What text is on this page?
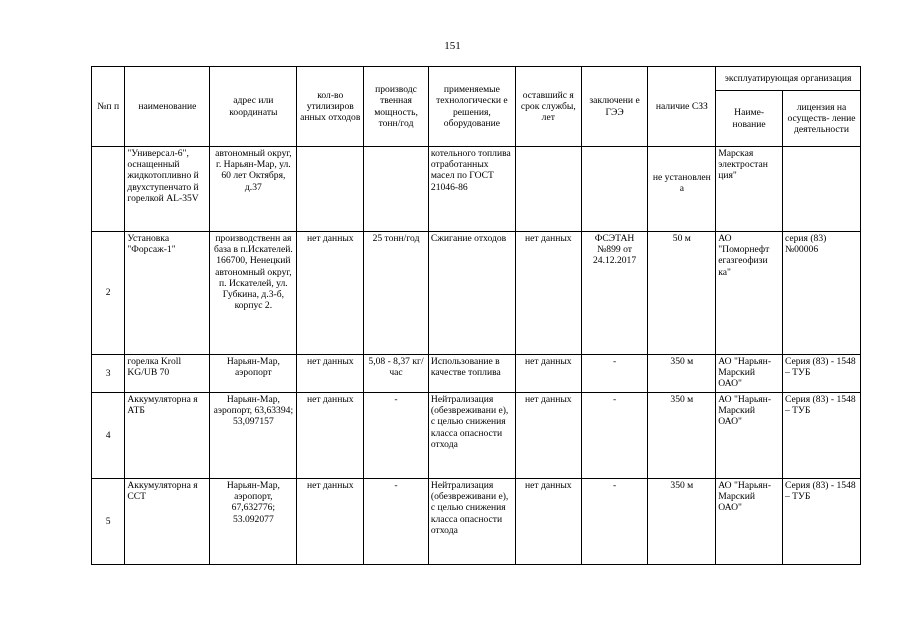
151
№п п	наименование	адрес или координаты	кол-во утилизиров анных отходов	производс твенная мощность, тонн/год	применяемые технологически е решения, оборудование	оставшийс я срок службы, лет	заключени е ГЭЭ	наличие СЗЗ	эксплуатирующая организация	
									Наиме- нование	лицензия на осуществ- ление деятельности
	"Универсал-6", оснащенный жидкотопливно й двухступенчато й горелкой AL-35V	автономный округ, г. Нарьян-Мар, ул. 60 лет Октября, д.37			котельного топлива отработанных масел по ГОСТ 21046-86			не установлен а	Марская электростан ция"	
2	Установка "Форсаж-1"	производственн ая база в п.Искателей. 166700, Ненецкий автономный округ, п. Искателей, ул. Губкина, д.3-б, корпус 2.	нет данных	25 тонн/год	Сжигание отходов	нет данных	ФСЭТАН №899 от 24.12.2017	50 м	АО "Поморнефт егазгеофизи ка"	серия (83) №00006
3	горелка Kroll KG/UB 70	Нарьян-Мар, аэропорт	нет данных	5,08 - 8,37 кг/час	Использование в качестве топлива	нет данных	-	350 м	АО "Нарьян-Марский ОАО"	Серия (83) - 1548 – ТУБ
4	Аккумуляторна я АТБ	Нарьян-Мар, аэропорт, 63,63394; 53,097157	нет данных	-	Нейтрализация (обезврeживани е), с целью снижения класса опасности отхода	нет данных	-	350 м	АО "Нарьян-Марский ОАО"	Серия (83) - 1548 – ТУБ
5	Аккумуляторна я ССТ	Нарьян-Мар, аэропорт, 67,632776; 53.092077	нет данных	-	Нейтрализация (обезврeживани е), с целью снижения класса опасности отхода	нет данных	-	350 м	АО "Нарьян-Марский ОАО"	Серия (83) - 1548 – ТУБ
